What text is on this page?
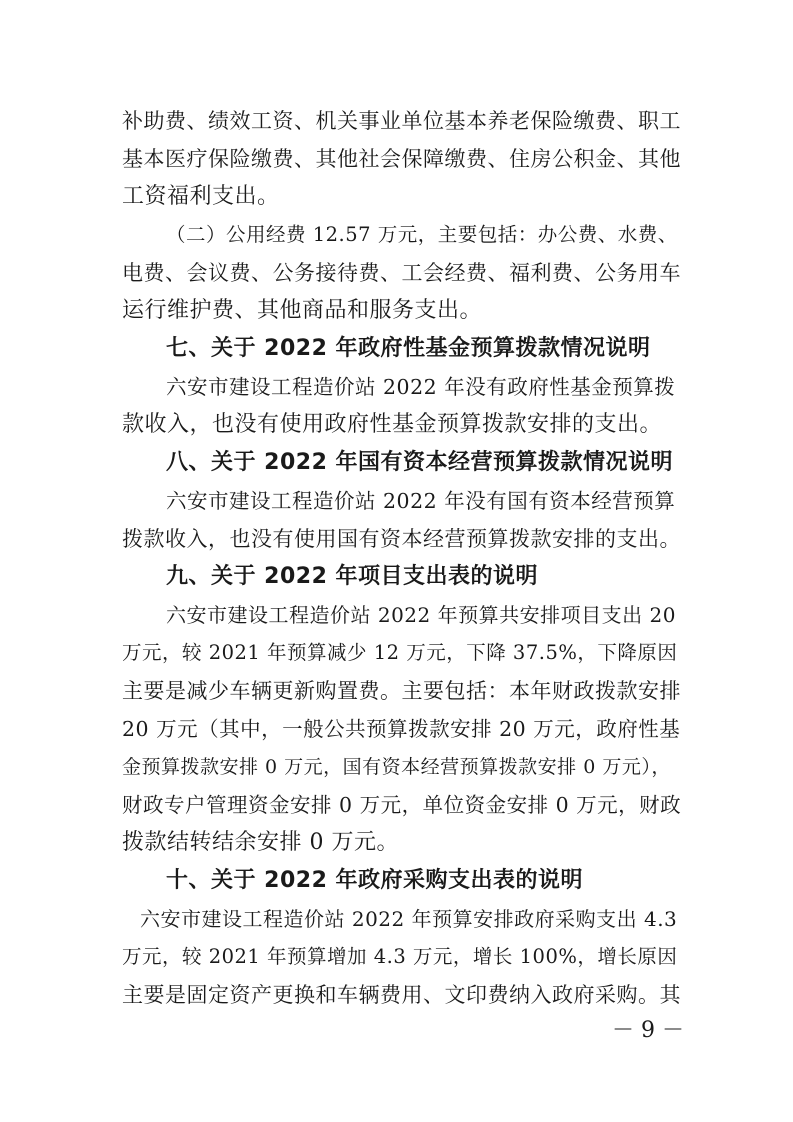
补助费、绩效工资、机关事业单位基本养老保险缴费、职工
基本医疗保险缴费、其他社会保障缴费、住房公积金、其他
工资福利支出。
（二）公用经费 12.57 万元，主要包括：办公费、水费、
电费、会议费、公务接待费、工会经费、福利费、公务用车
运行维护费、其他商品和服务支出。
七、关于 2022 年政府性基金预算拨款情况说明
六安市建设工程造价站 2022 年没有政府性基金预算拨
款收入，也没有使用政府性基金预算拨款安排的支出。
八、关于 2022 年国有资本经营预算拨款情况说明
六安市建设工程造价站 2022 年没有国有资本经营预算
拨款收入，也没有使用国有资本经营预算拨款安排的支出。
九、关于 2022 年项目支出表的说明
六安市建设工程造价站 2022 年预算共安排项目支出 20
万元，较 2021 年预算减少 12 万元，下降 37.5%，下降原因
主要是减少车辆更新购置费。主要包括：本年财政拨款安排
20 万元（其中，一般公共预算拨款安排 20 万元，政府性基
金预算拨款安排 0 万元，国有资本经营预算拨款安排 0 万元），
财政专户管理资金安排 0 万元，单位资金安排 0 万元，财政
拨款结转结余安排 0 万元。
十、关于 2022 年政府采购支出表的说明
六安市建设工程造价站 2022 年预算安排政府采购支出 4.3
万元，较 2021 年预算增加 4.3 万元，增长 100%，增长原因
主要是固定资产更换和车辆费用、文印费纳入政府采购。其
－ 9 －
